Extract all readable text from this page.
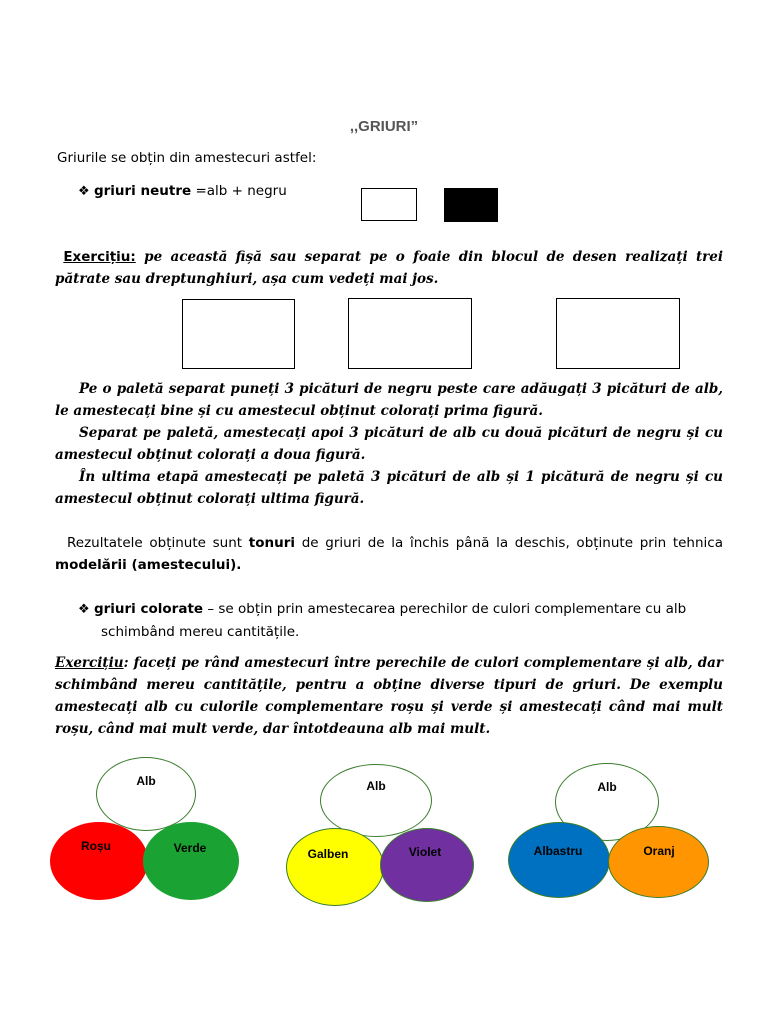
,,GRIURI”
Griurile se obțin din amestecuri astfel:
❖ griuri neutre =alb + negru
Exercițiu: pe această fișă sau separat pe o foaie din blocul de desen realizați trei pătrate sau dreptunghiuri, așa cum vedeți mai jos.
Pe o paletă separat puneți 3 picături de negru peste care adăugați 3 picături de alb, le amestecați bine și cu amestecul obținut colorați prima figură.
Separat pe paletă, amestecați apoi 3 picături de alb cu două picături de negru și cu amestecul obținut colorați a doua figură.
În ultima etapă amestecați pe paletă 3 picături de alb și 1 picătură de negru și cu amestecul obținut colorați ultima figură.
Rezultatele obținute sunt tonuri de griuri de la închis până la deschis, obținute prin tehnica modelării (amestecului).
❖ griuri colorate – se obțin prin amestecarea perechilor de culori complementare cu alb
schimbând mereu cantitățile.
Exercițiu: faceți pe rând amestecuri între perechile de culori complementare și alb, dar schimbând mereu cantitățile, pentru a obține diverse tipuri de griuri. De exemplu amestecați alb cu culorile complementare roșu și verde și amestecați când mai mult roșu, când mai mult verde, dar întotdeauna alb mai mult.
Alb
Roșu	Verde
Alb
Galben	Violet
Alb
Albastru	Oranj
